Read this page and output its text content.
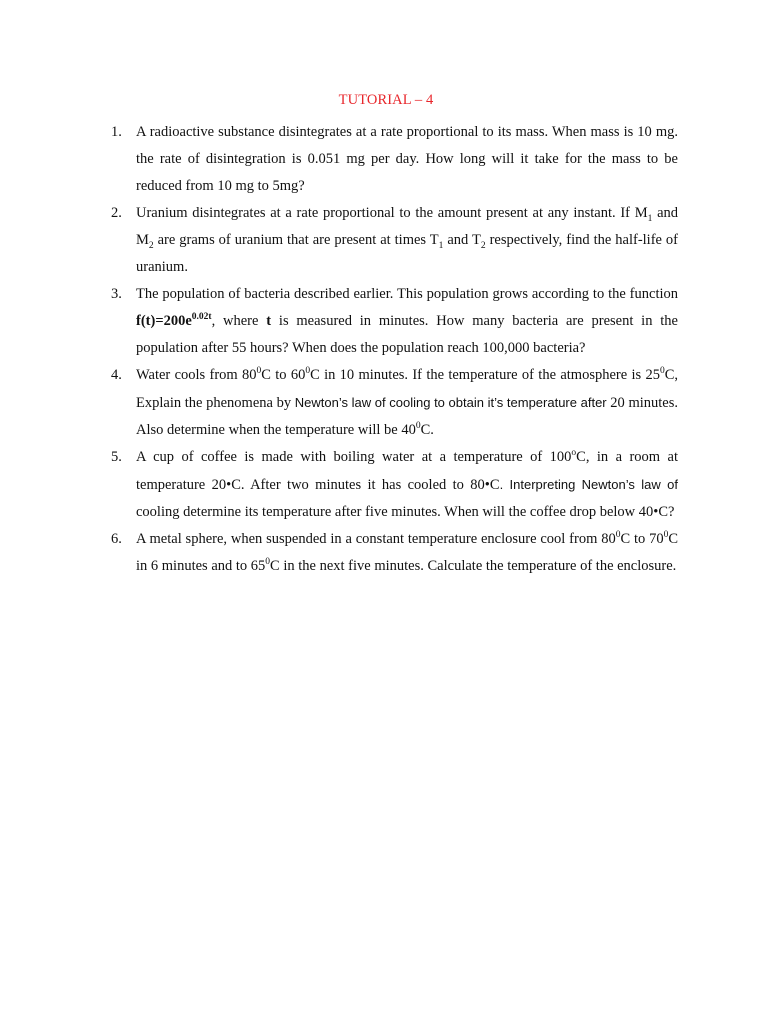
TUTORIAL – 4
1. A radioactive substance disintegrates at a rate proportional to its mass. When mass is 10 mg. the rate of disintegration is 0.051 mg per day. How long will it take for the mass to be reduced from 10 mg to 5mg?
2. Uranium disintegrates at a rate proportional to the amount present at any instant. If $M_1$ and $M_2$ are grams of uranium that are present at times $T_1$ and $T_2$ respectively, find the half-life of uranium.
3. The population of bacteria described earlier. This population grows according to the function $f(t)=200e^{0.02t}$, where t is measured in minutes. How many bacteria are present in the population after 55 hours? When does the population reach 100,000 bacteria?
4. Water cools from $80^0C$ to $60^0C$ in 10 minutes. If the temperature of the atmosphere is $25^0C$, Explain the phenomena by Newton’s law of cooling to obtain it’s temperature after 20 minutes. Also determine when the temperature will be $40^0C$.
5. A cup of coffee is made with boiling water at a temperature of 100$^o$C, in a room at temperature 20•C. After two minutes it has cooled to 80•C. Interpreting Newton’s law of cooling determine its temperature after five minutes. When will the coffee drop below 40•C?
6. A metal sphere, when suspended in a constant temperature enclosure cool from $80^0C$ to $70^0C$ in 6 minutes and to $65^0C$ in the next five minutes. Calculate the temperature of the enclosure.
